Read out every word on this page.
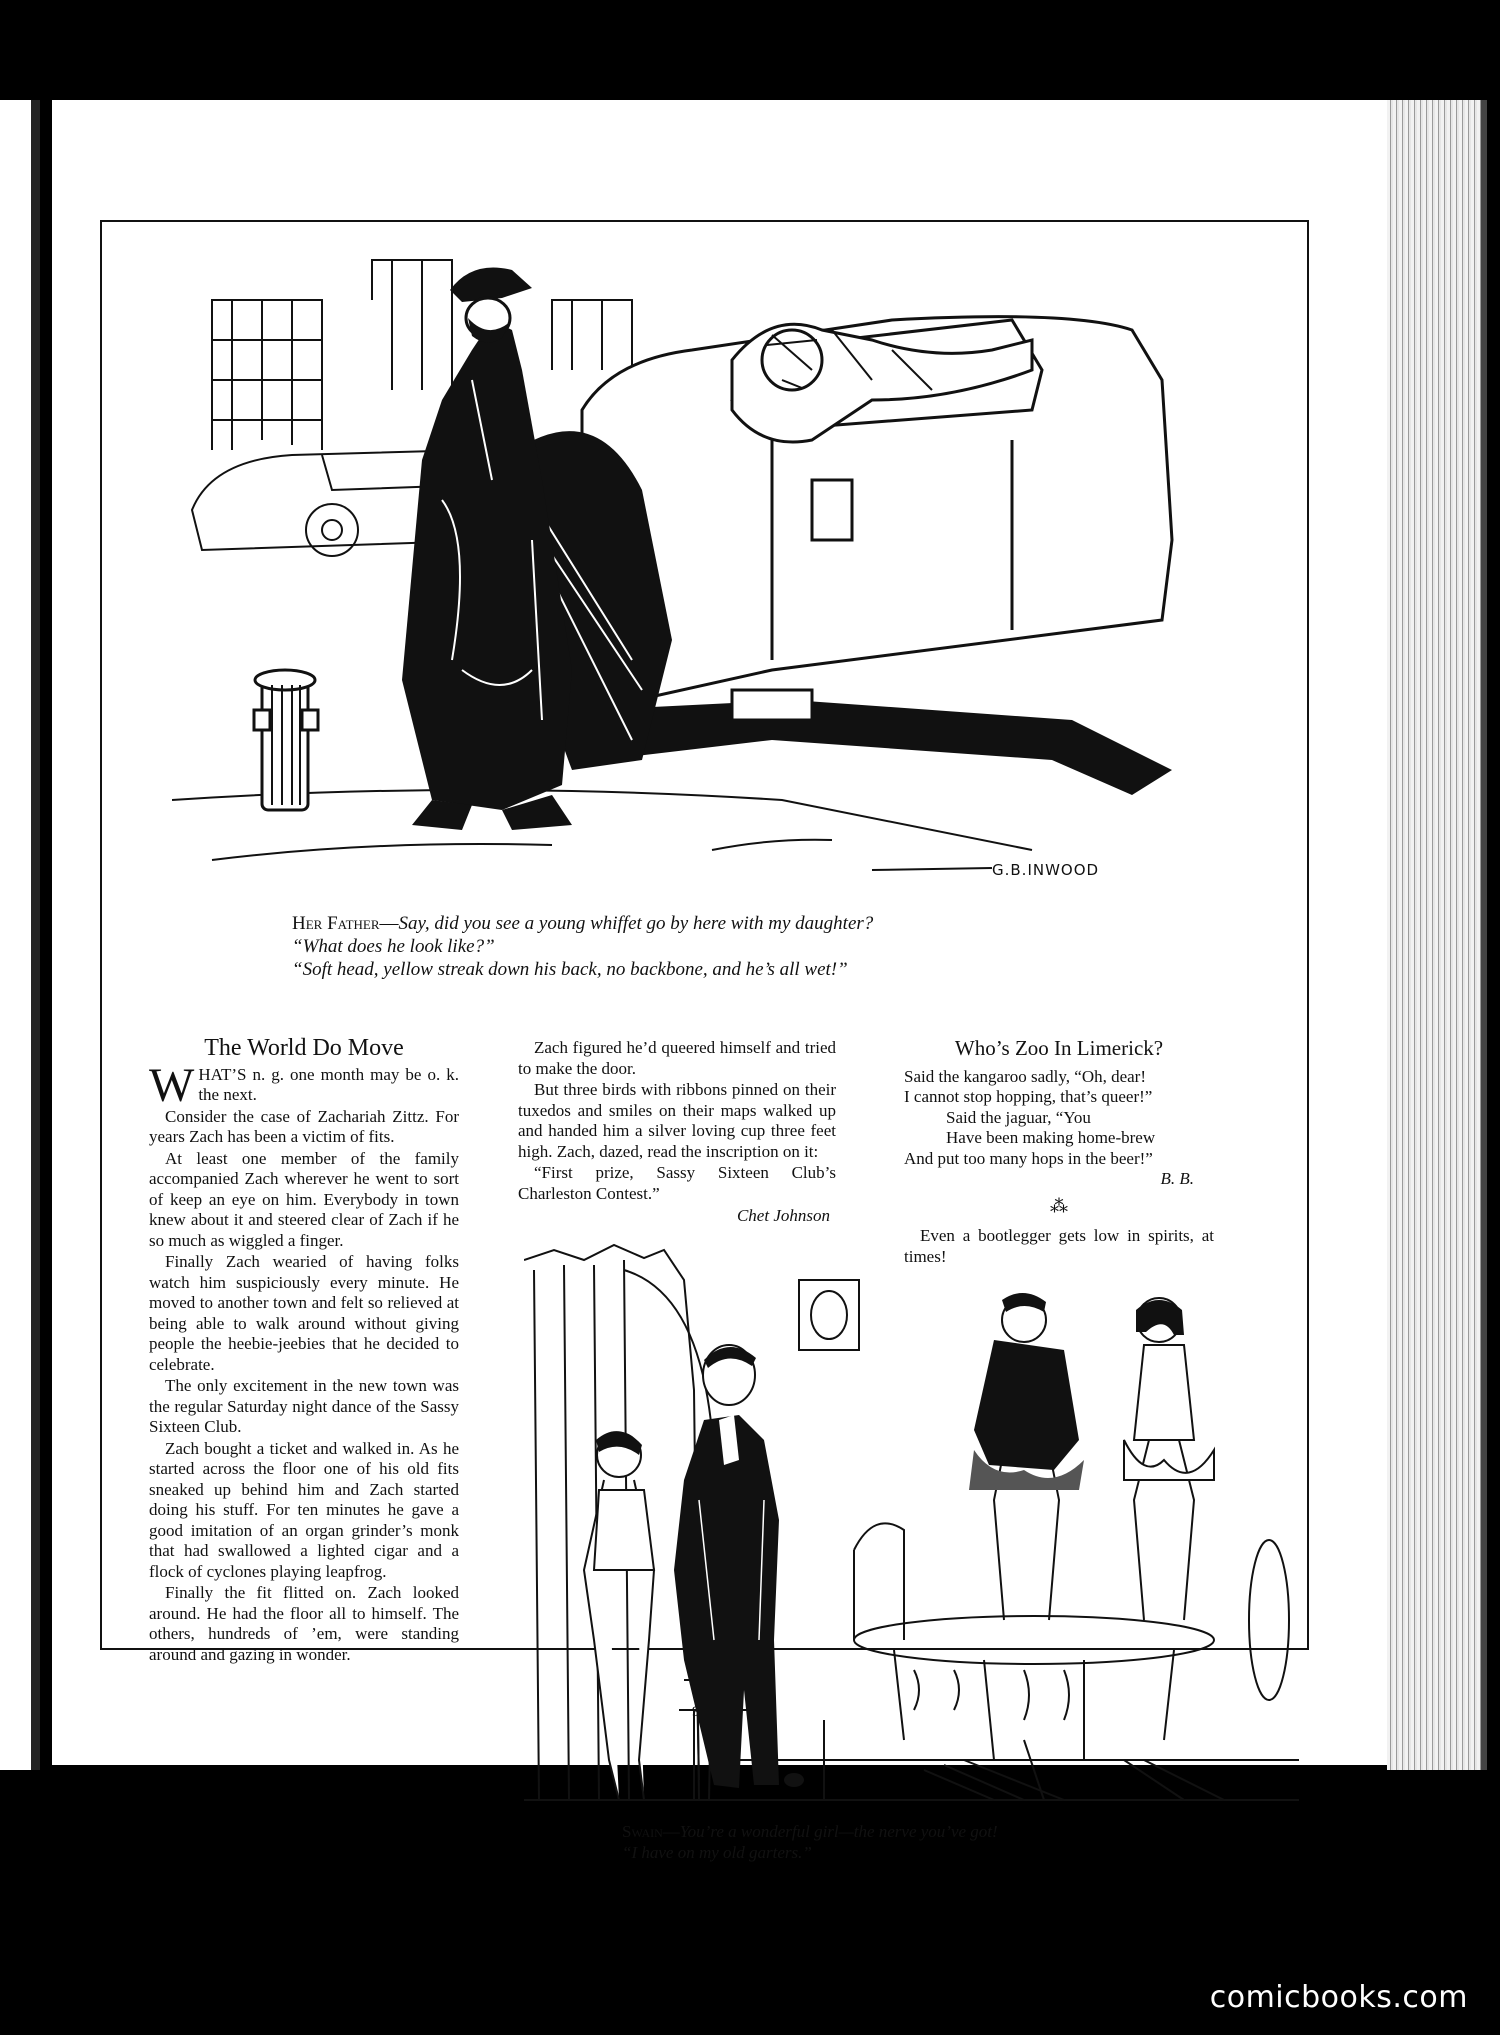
G.B.INWOOD
Her Father—Say, did you see a young whiffet go by here with my daughter?
“What does he look like?”
“Soft head, yellow streak down his back, no backbone, and he’s all wet!”
The World Do Move

WHAT’S n. g. one month may be o. k. the next.

Consider the case of Zachariah Zittz. For years Zach has been a victim of fits.

At least one member of the family accompanied Zach wherever he went to sort of keep an eye on him. Everybody in town knew about it and steered clear of Zach if he so much as wiggled a finger.

Finally Zach wearied of having folks watch him suspiciously every minute. He moved to another town and felt so relieved at being able to walk around without giving people the heebie-jeebies that he decided to celebrate.

The only excitement in the new town was the regular Saturday night dance of the Sassy Sixteen Club.

Zach bought a ticket and walked in. As he started across the floor one of his old fits sneaked up behind him and Zach started doing his stuff. For ten minutes he gave a good imitation of an organ grinder’s monk that had swallowed a lighted cigar and a flock of cyclones playing leapfrog.

Finally the fit flitted on. Zach looked around. He had the floor all to himself. The others, hundreds of ’em, were standing around and gazing in wonder.

Zach figured he’d queered himself and tried to make the door.

But three birds with ribbons pinned on their tuxedos and smiles on their maps walked up and handed him a silver loving cup three feet high. Zach, dazed, read the inscription on it:

“First prize, Sassy Sixteen Club’s Charleston Contest.”

Chet Johnson

Who’s Zoo In Limerick?
Said the kangaroo sadly, “Oh, dear!
I cannot stop hopping, that’s queer!”
Said the jaguar, “You
Have been making home-brew
And put too many hops in the beer!”

B. B.

⁂

Even a bootlegger gets low in spirits, at times!

Swain—You’re a wonderful girl—the nerve you’ve got!
“I have on my old garters.”
9
comicbooks.com
